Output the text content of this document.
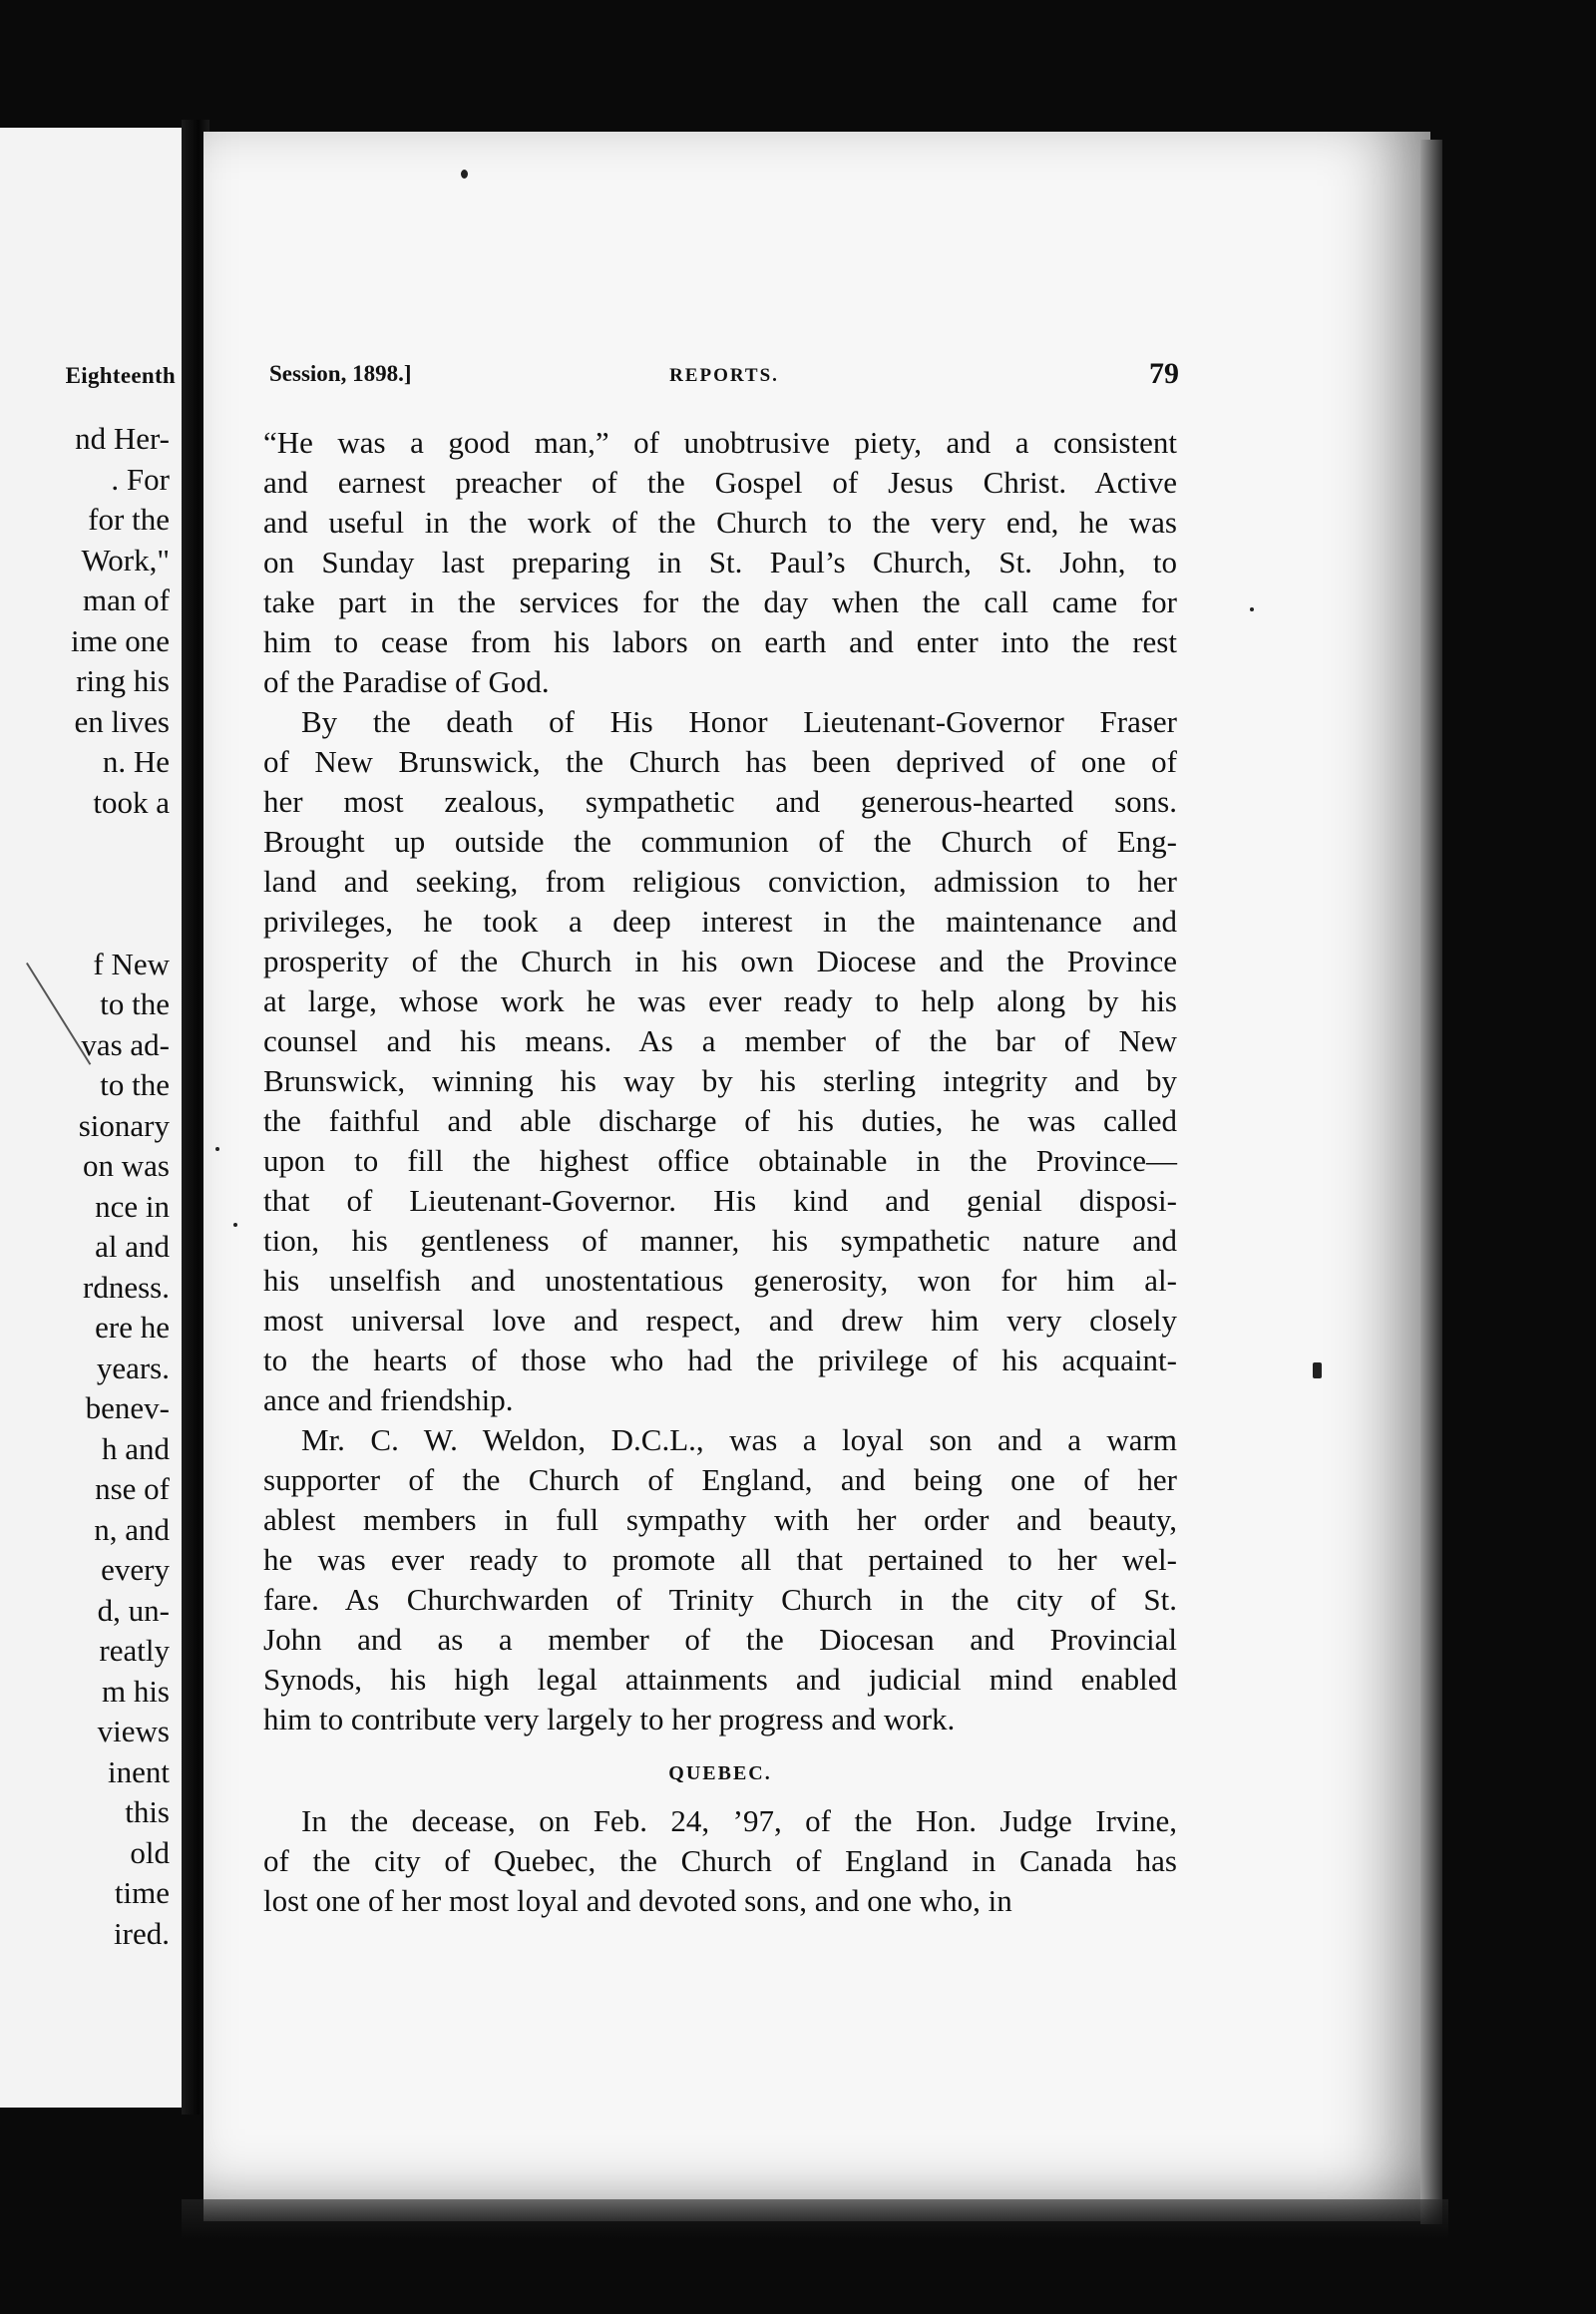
Eighteenth
nd Her-
. For
for the
Work,"
man of
ime one
ring his
en lives
n. He
took a
f New
to the
vas ad-
to the
sionary
on was
nce in
al and
rdness.
ere he
years.
benev-
h and
nse of
n, and
every
d, un-
reatly
m his
views
inent
this
old
time
ired.
Session, 1898.]	REPORTS.	79
“He was a good man,” of unobtrusive piety, and a consistent
and earnest preacher of the Gospel of Jesus Christ. Active
and useful in the work of the Church to the very end, he was
on Sunday last preparing in St. Paul’s Church, St. John, to
take part in the services for the day when the call came for
him to cease from his labors on earth and enter into the rest
of the Paradise of God.
By the death of His Honor Lieutenant-Governor Fraser
of New Brunswick, the Church has been deprived of one of
her most zealous, sympathetic and generous-hearted sons.
Brought up outside the communion of the Church of Eng-
land and seeking, from religious conviction, admission to her
privileges, he took a deep interest in the maintenance and
prosperity of the Church in his own Diocese and the Province
at large, whose work he was ever ready to help along by his
counsel and his means. As a member of the bar of New
Brunswick, winning his way by his sterling integrity and by
the faithful and able discharge of his duties, he was called
upon to fill the highest office obtainable in the Province—
that of Lieutenant-Governor. His kind and genial disposi-
tion, his gentleness of manner, his sympathetic nature and
his unselfish and unostentatious generosity, won for him al-
most universal love and respect, and drew him very closely
to the hearts of those who had the privilege of his acquaint-
ance and friendship.
Mr. C. W. Weldon, D.C.L., was a loyal son and a warm
supporter of the Church of England, and being one of her
ablest members in full sympathy with her order and beauty,
he was ever ready to promote all that pertained to her wel-
fare. As Churchwarden of Trinity Church in the city of St.
John and as a member of the Diocesan and Provincial
Synods, his high legal attainments and judicial mind enabled
him to contribute very largely to her progress and work.
QUEBEC.
In the decease, on Feb. 24, ’97, of the Hon. Judge Irvine,
of the city of Quebec, the Church of England in Canada has
lost one of her most loyal and devoted sons, and one who, in
